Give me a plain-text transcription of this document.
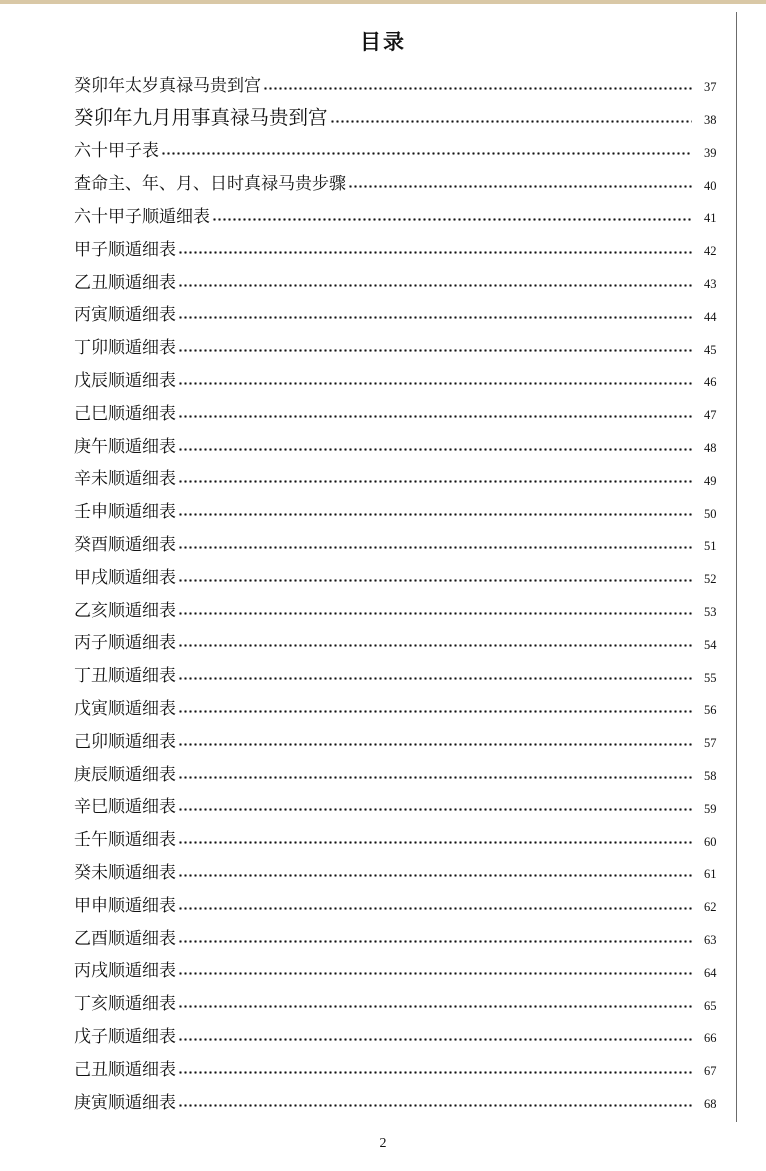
目录
癸卯年太岁真禄马贵到宫	37
癸卯年九月用事真禄马贵到宫	38
六十甲子表	39
查命主、年、月、日时真禄马贵步骤	40
六十甲子顺遁细表	41
甲子顺遁细表	42
乙丑顺遁细表	43
丙寅顺遁细表	44
丁卯顺遁细表	45
戊辰顺遁细表	46
己巳顺遁细表	47
庚午顺遁细表	48
辛未顺遁细表	49
壬申顺遁细表	50
癸酉顺遁细表	51
甲戌顺遁细表	52
乙亥顺遁细表	53
丙子顺遁细表	54
丁丑顺遁细表	55
戊寅顺遁细表	56
己卯顺遁细表	57
庚辰顺遁细表	58
辛巳顺遁细表	59
壬午顺遁细表	60
癸未顺遁细表	61
甲申顺遁细表	62
乙酉顺遁细表	63
丙戌顺遁细表	64
丁亥顺遁细表	65
戊子顺遁细表	66
己丑顺遁细表	67
庚寅顺遁细表	68
2
